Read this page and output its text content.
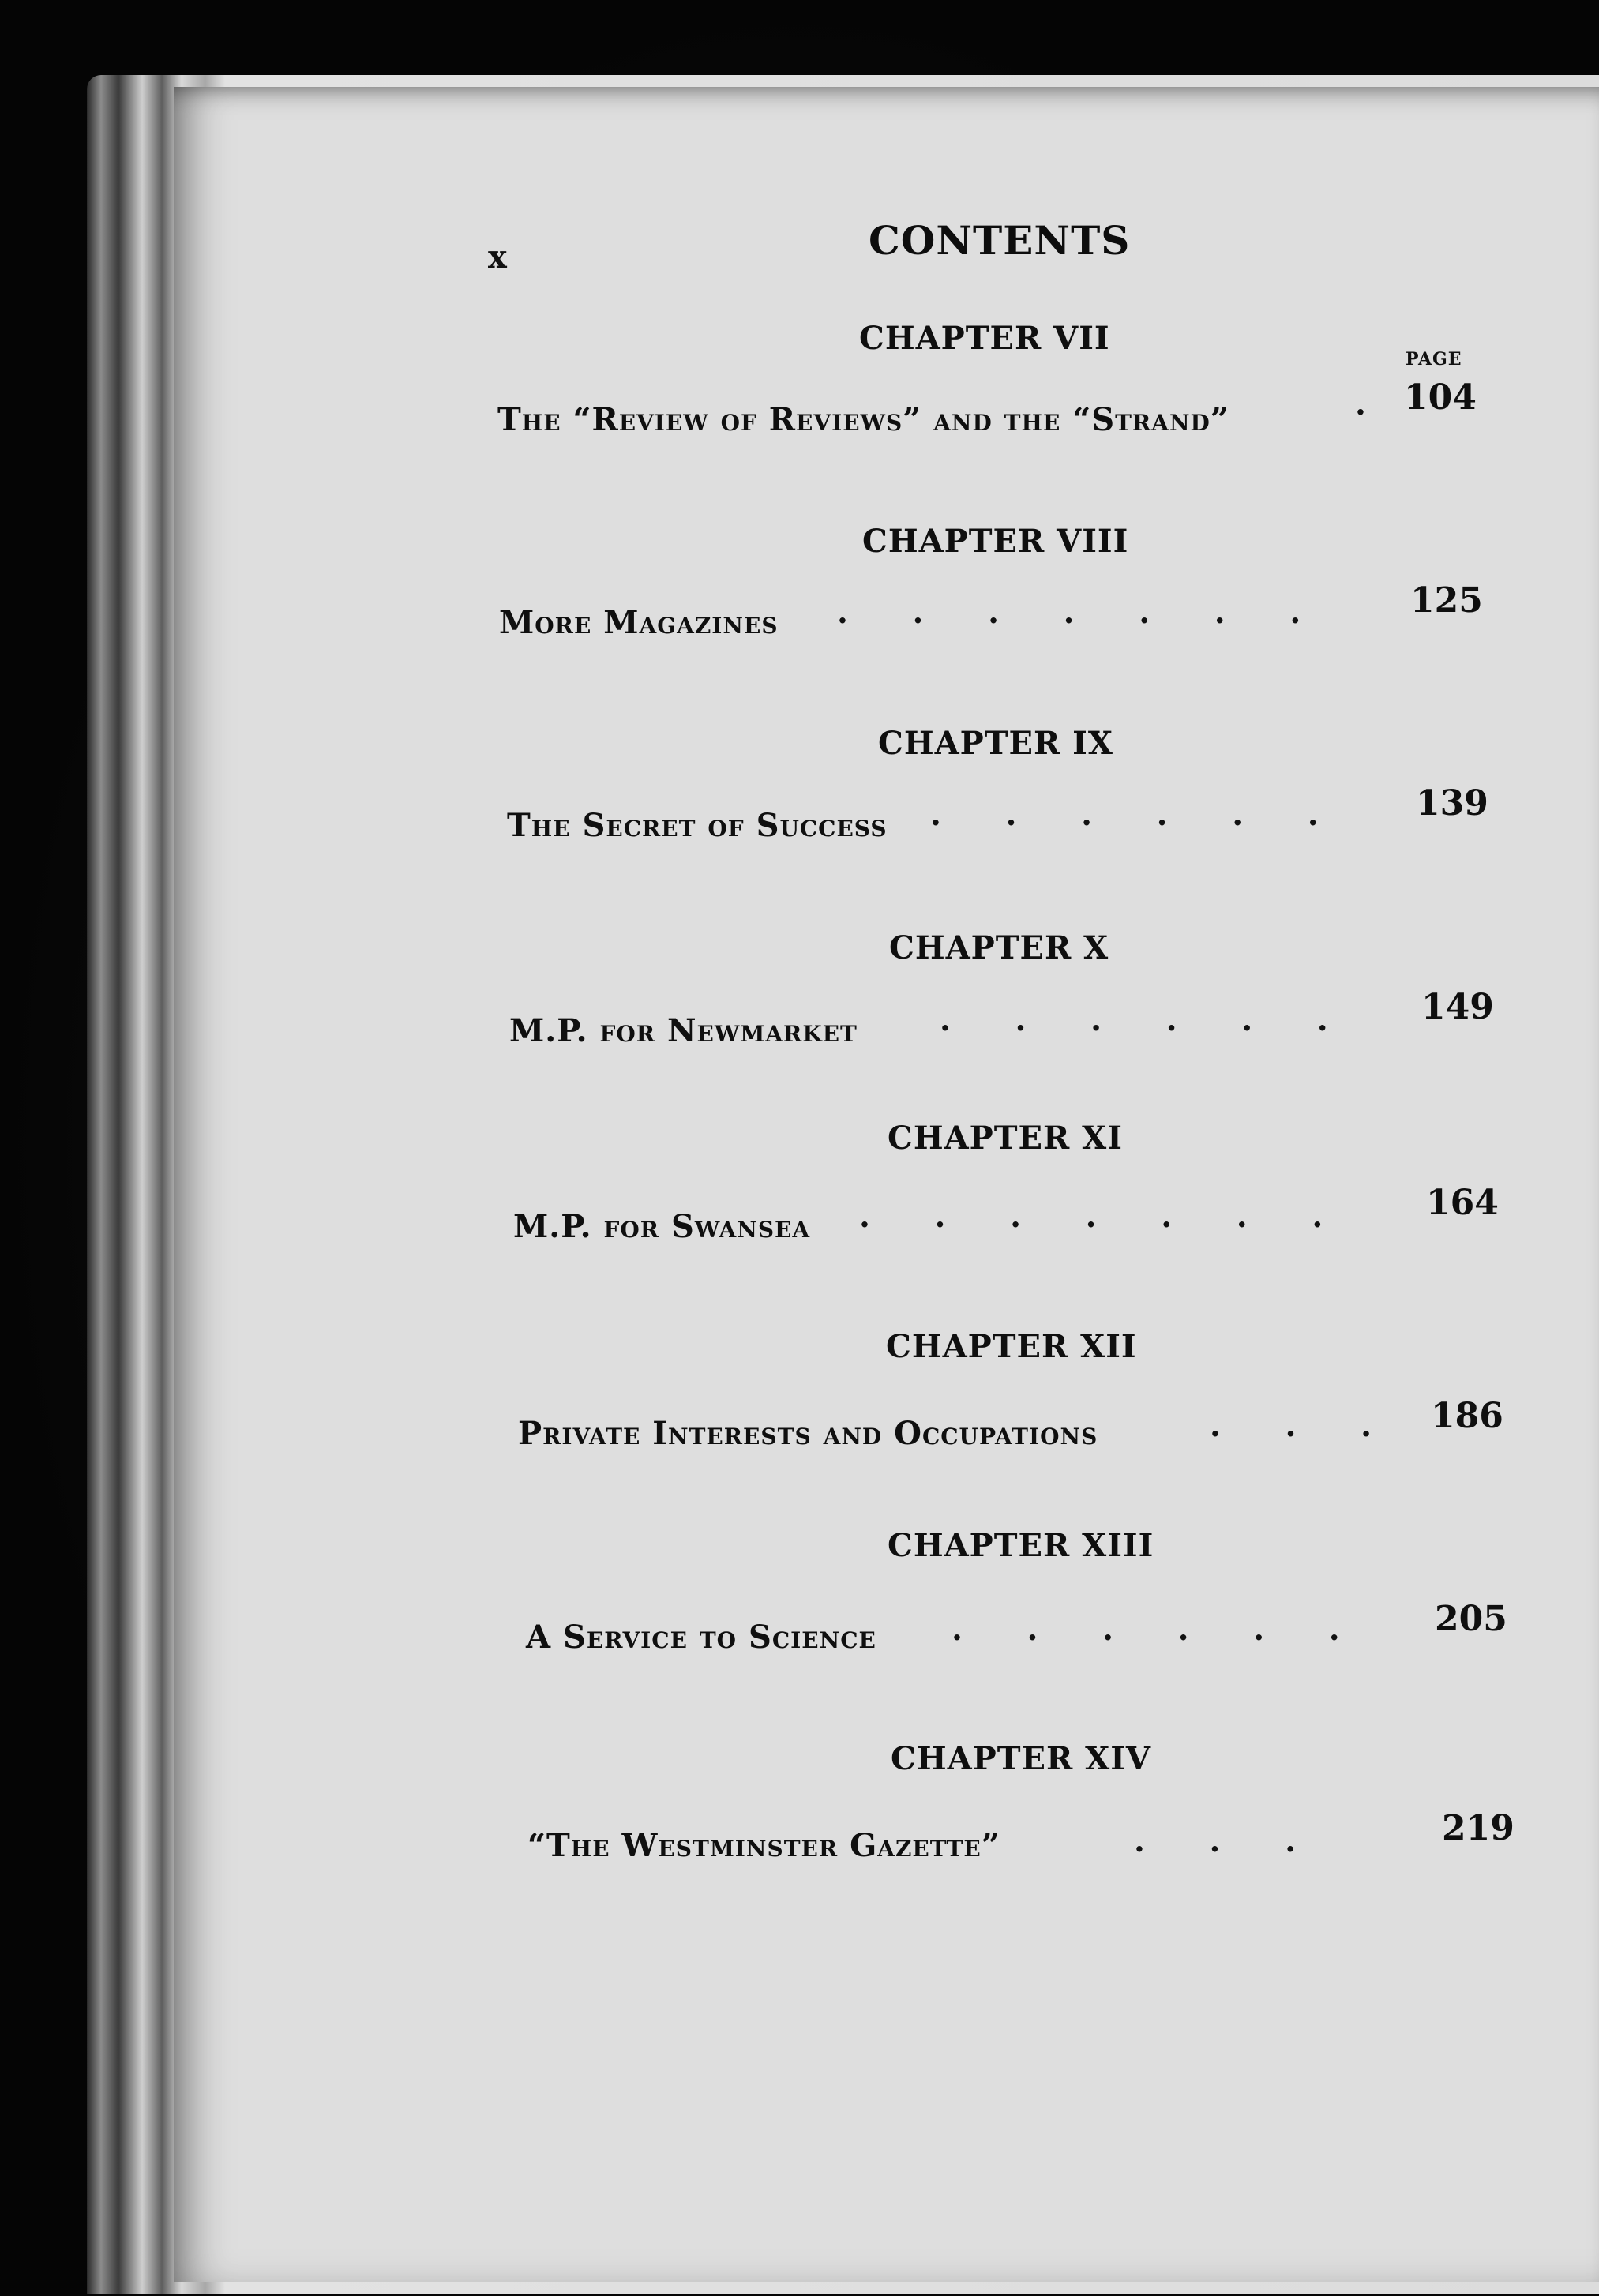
x	CONTENTS
PAGE
CHAPTER VII
The “Review of Reviews” and the “Strand”	. 104
CHAPTER VIII
More Magazines .     .     .     .     .     .     .	125
CHAPTER IX
The Secret of Success .     .     .     .     .     .	139
CHAPTER X
M.P. for Newmarket	.     .     .     .     .     .	149
CHAPTER XI
M.P. for Swansea .     .     .     .     .     .     .	164
CHAPTER XII
Private Interests and Occupations	.     .     . 186
CHAPTER XIII
A Service to Science .     .     .     .     .     .	205
CHAPTER XIV
“The Westminster Gazette”	.     .     .	219
